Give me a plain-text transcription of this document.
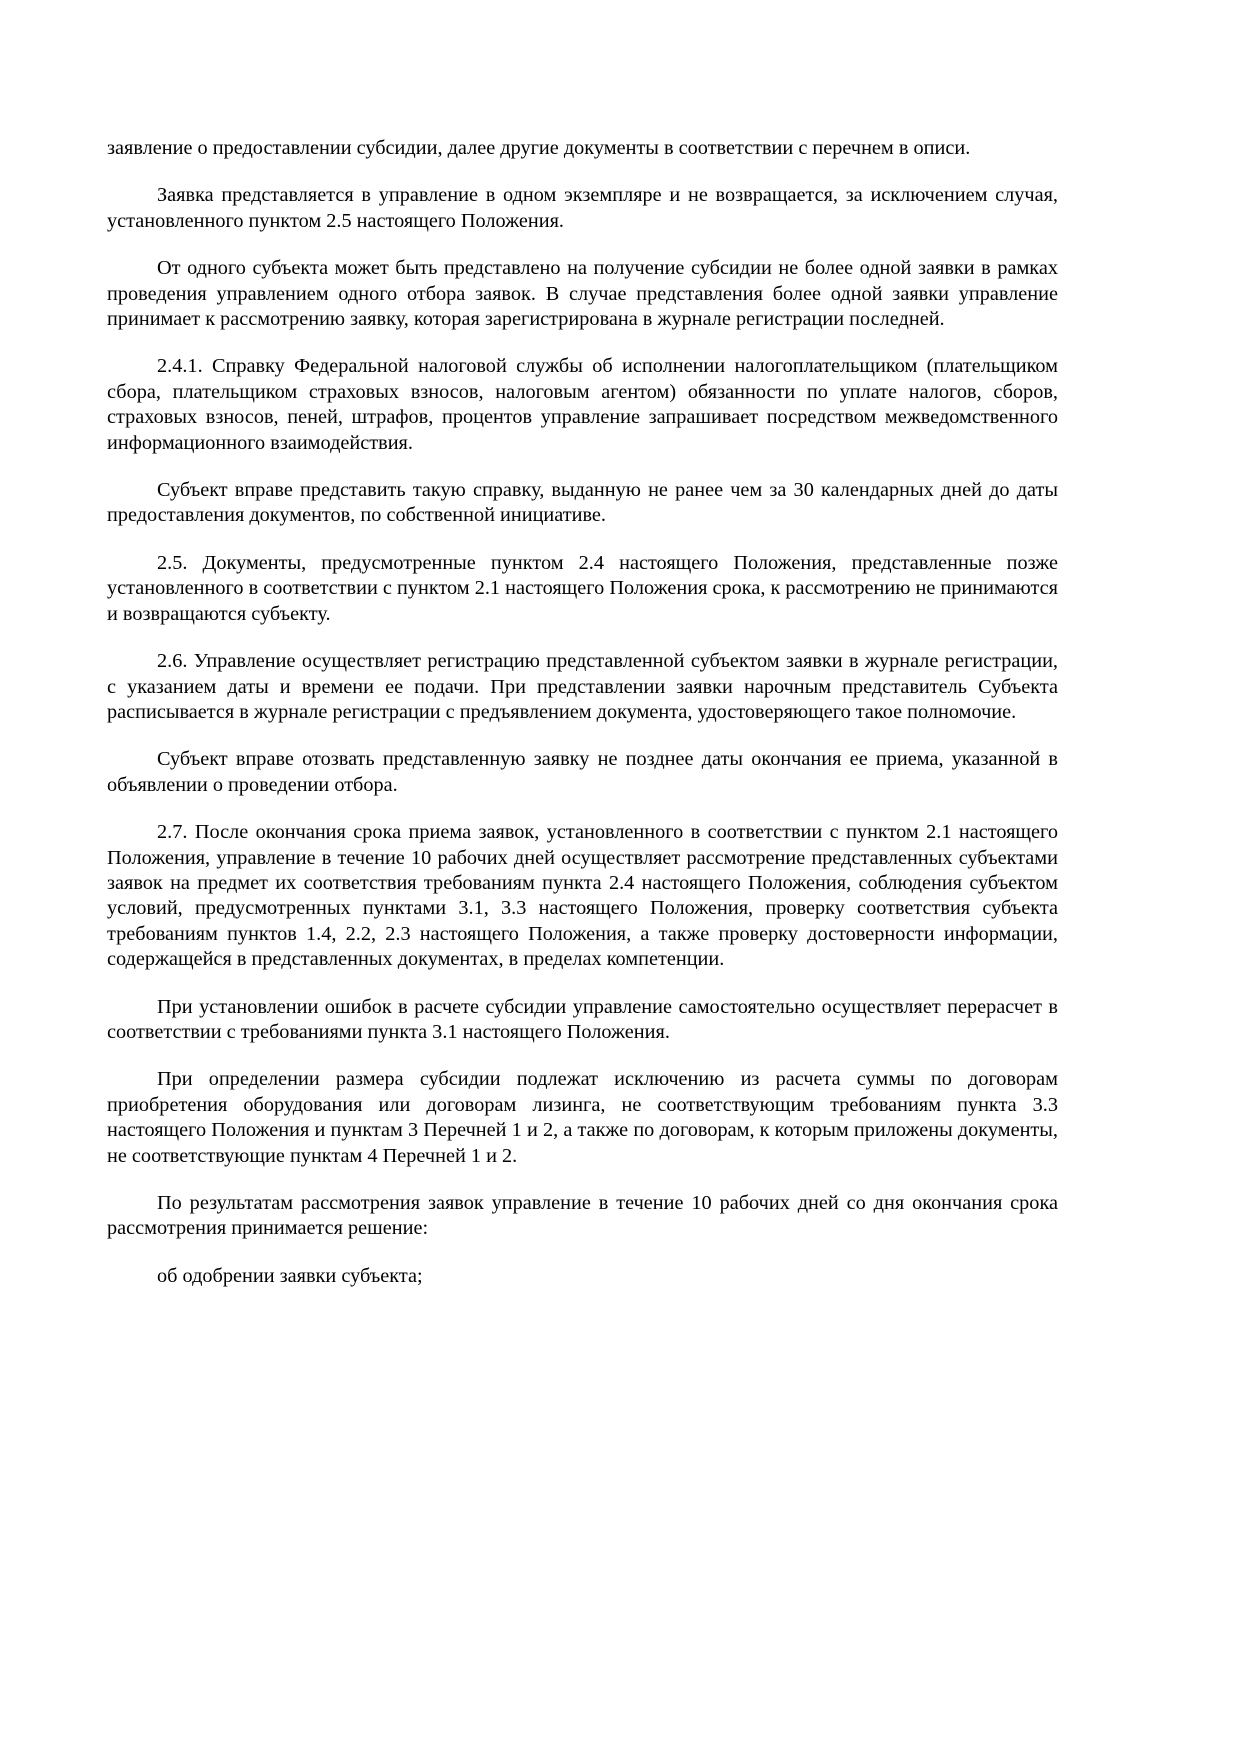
заявление о предоставлении субсидии, далее другие документы в соответствии с перечнем в описи.

Заявка представляется в управление в одном экземпляре и не возвращается, за исключением случая, установленного пунктом 2.5 настоящего Положения.

От одного субъекта может быть представлено на получение субсидии не более одной заявки в рамках проведения управлением одного отбора заявок. В случае представления более одной заявки управление принимает к рассмотрению заявку, которая зарегистрирована в журнале регистрации последней.

2.4.1. Справку Федеральной налоговой службы об исполнении налогоплательщиком (плательщиком сбора, плательщиком страховых взносов, налоговым агентом) обязанности по уплате налогов, сборов, страховых взносов, пеней, штрафов, процентов управление запрашивает посредством межведомственного информационного взаимодействия.

Субъект вправе представить такую справку, выданную не ранее чем за 30 календарных дней до даты предоставления документов, по собственной инициативе.

2.5. Документы, предусмотренные пунктом 2.4 настоящего Положения, представленные позже установленного в соответствии с пунктом 2.1 настоящего Положения срока, к рассмотрению не принимаются и возвращаются субъекту.

2.6. Управление осуществляет регистрацию представленной субъектом заявки в журнале регистрации, с указанием даты и времени ее подачи. При представлении заявки нарочным представитель Субъекта расписывается в журнале регистрации с предъявлением документа, удостоверяющего такое полномочие.

Субъект вправе отозвать представленную заявку не позднее даты окончания ее приема, указанной в объявлении о проведении отбора.

2.7. После окончания срока приема заявок, установленного в соответствии с пунктом 2.1 настоящего Положения, управление в течение 10 рабочих дней осуществляет рассмотрение представленных субъектами заявок на предмет их соответствия требованиям пункта 2.4 настоящего Положения, соблюдения субъектом условий, предусмотренных пунктами 3.1, 3.3 настоящего Положения, проверку соответствия субъекта требованиям пунктов 1.4, 2.2, 2.3 настоящего Положения, а также проверку достоверности информации, содержащейся в представленных документах, в пределах компетенции.

При установлении ошибок в расчете субсидии управление самостоятельно осуществляет перерасчет в соответствии с требованиями пункта 3.1 настоящего Положения.

При определении размера субсидии подлежат исключению из расчета суммы по договорам приобретения оборудования или договорам лизинга, не соответствующим требованиям пункта 3.3 настоящего Положения и пунктам 3 Перечней 1 и 2, а также по договорам, к которым приложены документы, не соответствующие пунктам 4 Перечней 1 и 2.

По результатам рассмотрения заявок управление в течение 10 рабочих дней со дня окончания срока рассмотрения принимается решение:

об одобрении заявки субъекта;
